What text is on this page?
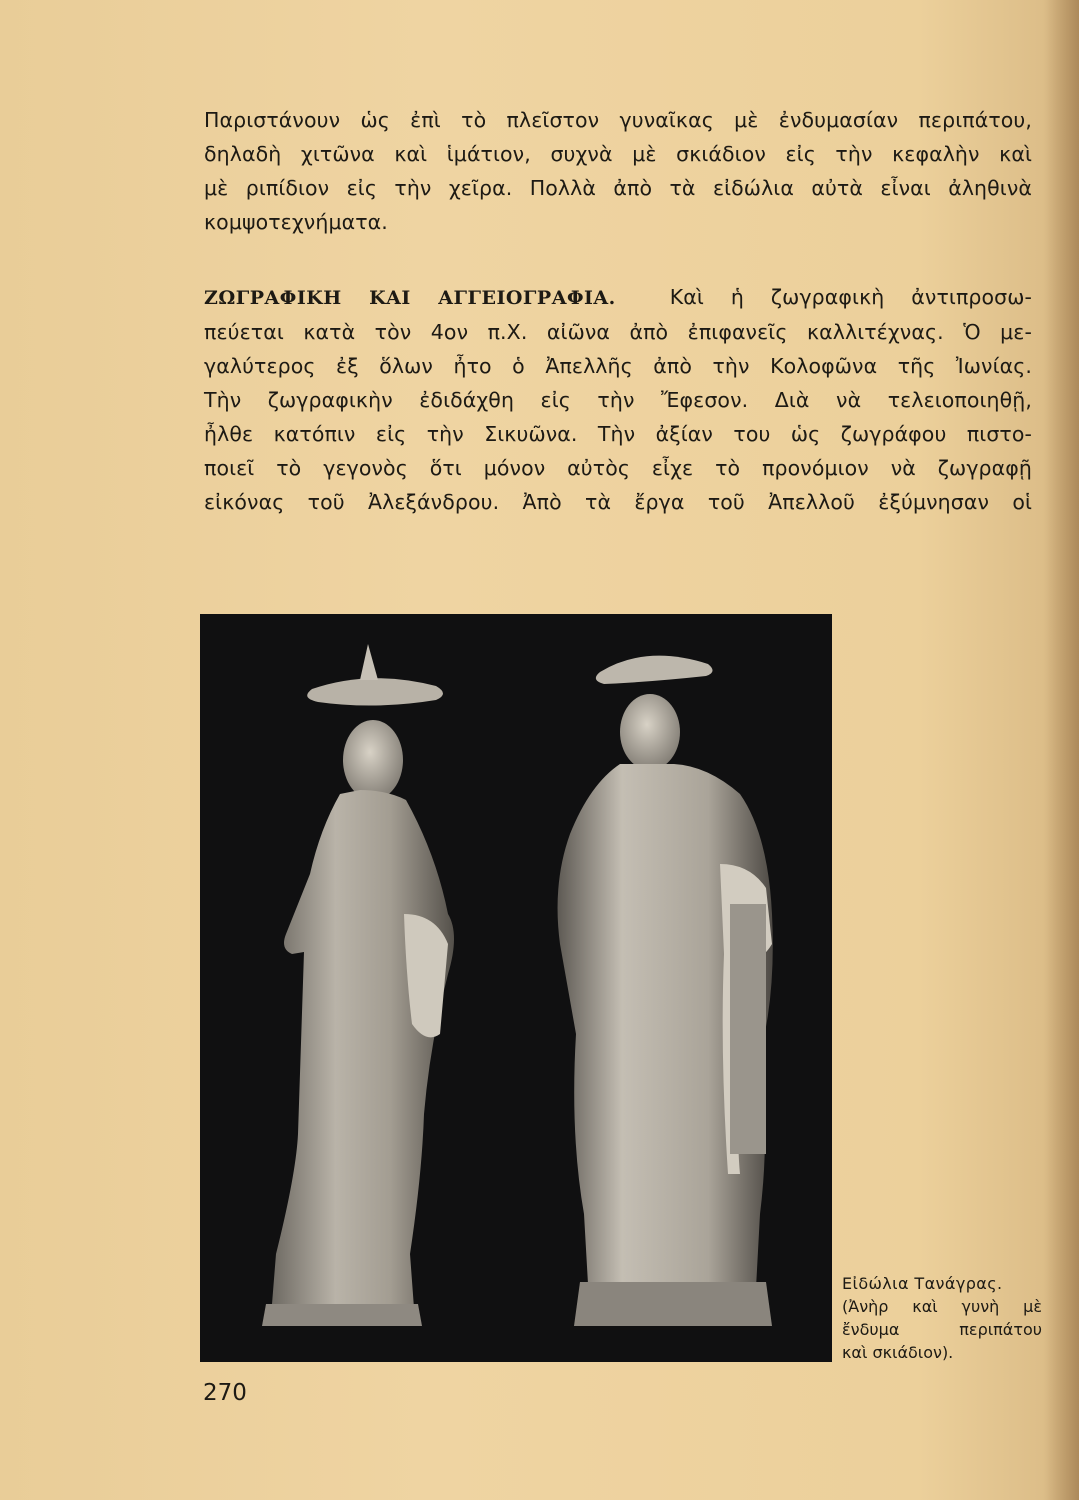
Παριστάνουν ὡς ἐπὶ τὸ πλεῖστον γυναῖκας μὲ ἐνδυμασίαν περιπάτου,
δηλαδὴ χιτῶνα καὶ ἱμάτιον, συχνὰ μὲ σκιάδιον εἰς τὴν κεφαλὴν καὶ
μὲ ριπίδιον εἰς τὴν χεῖρα. Πολλὰ ἀπὸ τὰ εἰδώλια αὐτὰ εἶναι ἀληθινὰ
κομψοτεχνήματα.
ΖΩΓΡΑΦΙΚΗ ΚΑΙ ΑΓΓΕΙΟΓΡΑΦΙΑ.	Καὶ ἡ ζωγραφικὴ ἀντιπροσω-
πεύεται κατὰ τὸν 4ον π.Χ. αἰῶνα ἀπὸ ἐπιφανεῖς καλλιτέχνας. Ὁ με-
γαλύτερος ἐξ ὅλων ἦτο ὁ Ἀπελλῆς ἀπὸ τὴν Κολοφῶνα τῆς Ἰωνίας.
Τὴν ζωγραφικὴν ἐδιδάχθη εἰς τὴν Ἔφεσον. Διὰ νὰ τελειοποιηθῇ,
ἦλθε κατόπιν εἰς τὴν Σικυῶνα. Τὴν ἀξίαν του ὡς ζωγράφου πιστο-
ποιεῖ τὸ γεγονὸς ὅτι μόνον αὐτὸς εἶχε τὸ προνόμιον νὰ ζωγραφῇ
εἰκόνας τοῦ Ἀλεξάνδρου. Ἀπὸ τὰ ἔργα τοῦ Ἀπελλοῦ ἐξύμνησαν οἱ
Εἰδώλια Τανάγρας.
(Ἀνὴρ καὶ γυνὴ μὲ
ἔνδυμα περιπάτου
καὶ σκιάδιον).

270
